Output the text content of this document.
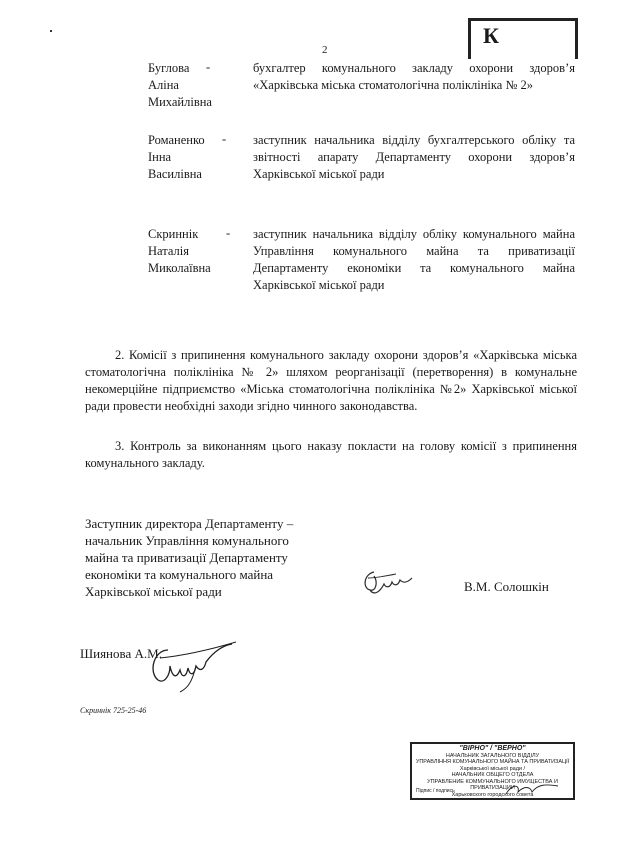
2
К
Буглова
Аліна
Михайлівна
-	бухгалтер комунального закладу охорони здоров’я «Харківська міська стоматологічна поліклініка № 2»
Романенко
Інна
Василівна
- заступник начальника відділу бухгалтерського обліку та звітності апарату Департаменту охорони здоров’я Харківської міської ради
Скриннік
Наталія
Миколаївна
- заступник начальника відділу обліку комунального майна Управління комунального майна та приватизації Департаменту економіки та комунального майна Харківської міської ради
2. Комісії з припинення комунального закладу охорони здоров’я «Харківська міська стоматологічна поліклініка № 2» шляхом реорганізації (перетворення) в комунальне некомерційне підприємство «Міська стоматологічна поліклініка №2» Харківської міської ради провести необхідні заходи згідно чинного законодавства.
3. Контроль за виконанням цього наказу покласти на голову комісії з припинення комунального закладу.
Заступник директора Департаменту –
начальник Управління комунального
майна та приватизації Департаменту
економіки та комунального майна
Харківської міської ради	В.М. Солошкін
Шиянова А.М.
Скриннік 725-25-46
"ВІРНО" / "ВЕРНО"
НАЧАЛЬНИК ЗАГАЛЬНОГО ВІДДІЛУ
УПРАВЛІННЯ КОМУНАЛЬНОГО МАЙНА ТА ПРИВАТИЗАЦІЇ
Харківської міської ради /
НАЧАЛЬНИК ОБЩЕГО ОТДЕЛА
УПРАВЛЕНИЕ КОММУНАЛЬНОГО ИМУЩЕСТВА И ПРИВАТИЗАЦИИ
Харьковского городского совета
Підпис / подпись
